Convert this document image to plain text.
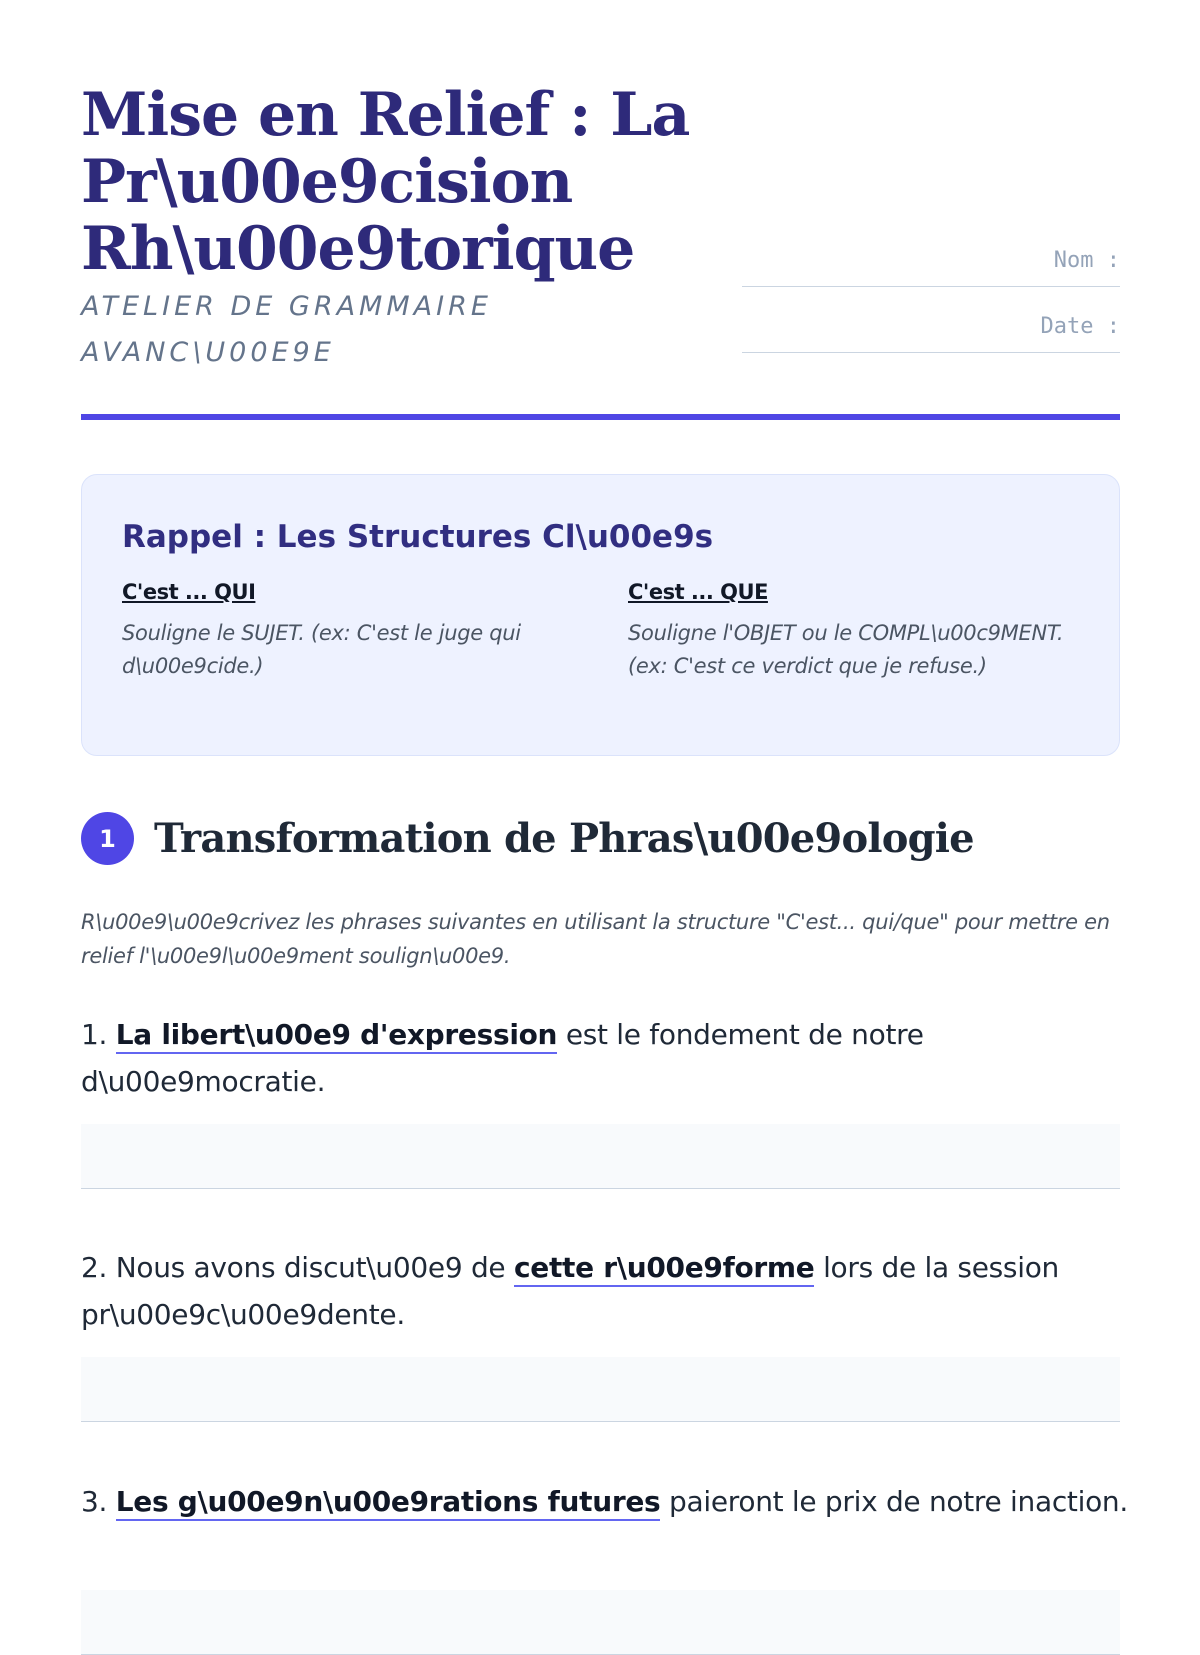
Mise en Relief : La Pr\u00e9cision Rh\u00e9torique

ATELIER DE GRAMMAIRE AVANC\U00E9E

Nom :
Date :
Rappel : Les Structures Cl\u00e9s
C'est ... QUI
Souligne le SUJET. (ex: C'est le juge qui d\u00e9cide.)
C'est ... QUE
Souligne l'OBJET ou le COMPL\u00c9MENT. (ex: C'est ce verdict que je refuse.)
1 Transformation de Phras\u00e9ologie

R\u00e9\u00e9crivez les phrases suivantes en utilisant la structure "C'est... qui/que" pour mettre en relief l'\u00e9l\u00e9ment soulign\u00e9.

1. La libert\u00e9 d'expression est le fondement de notre d\u00e9mocratie.

2. Nous avons discut\u00e9 de cette r\u00e9forme lors de la session pr\u00e9c\u00e9dente.

3. Les g\u00e9n\u00e9rations futures paieront le prix de notre inaction.
